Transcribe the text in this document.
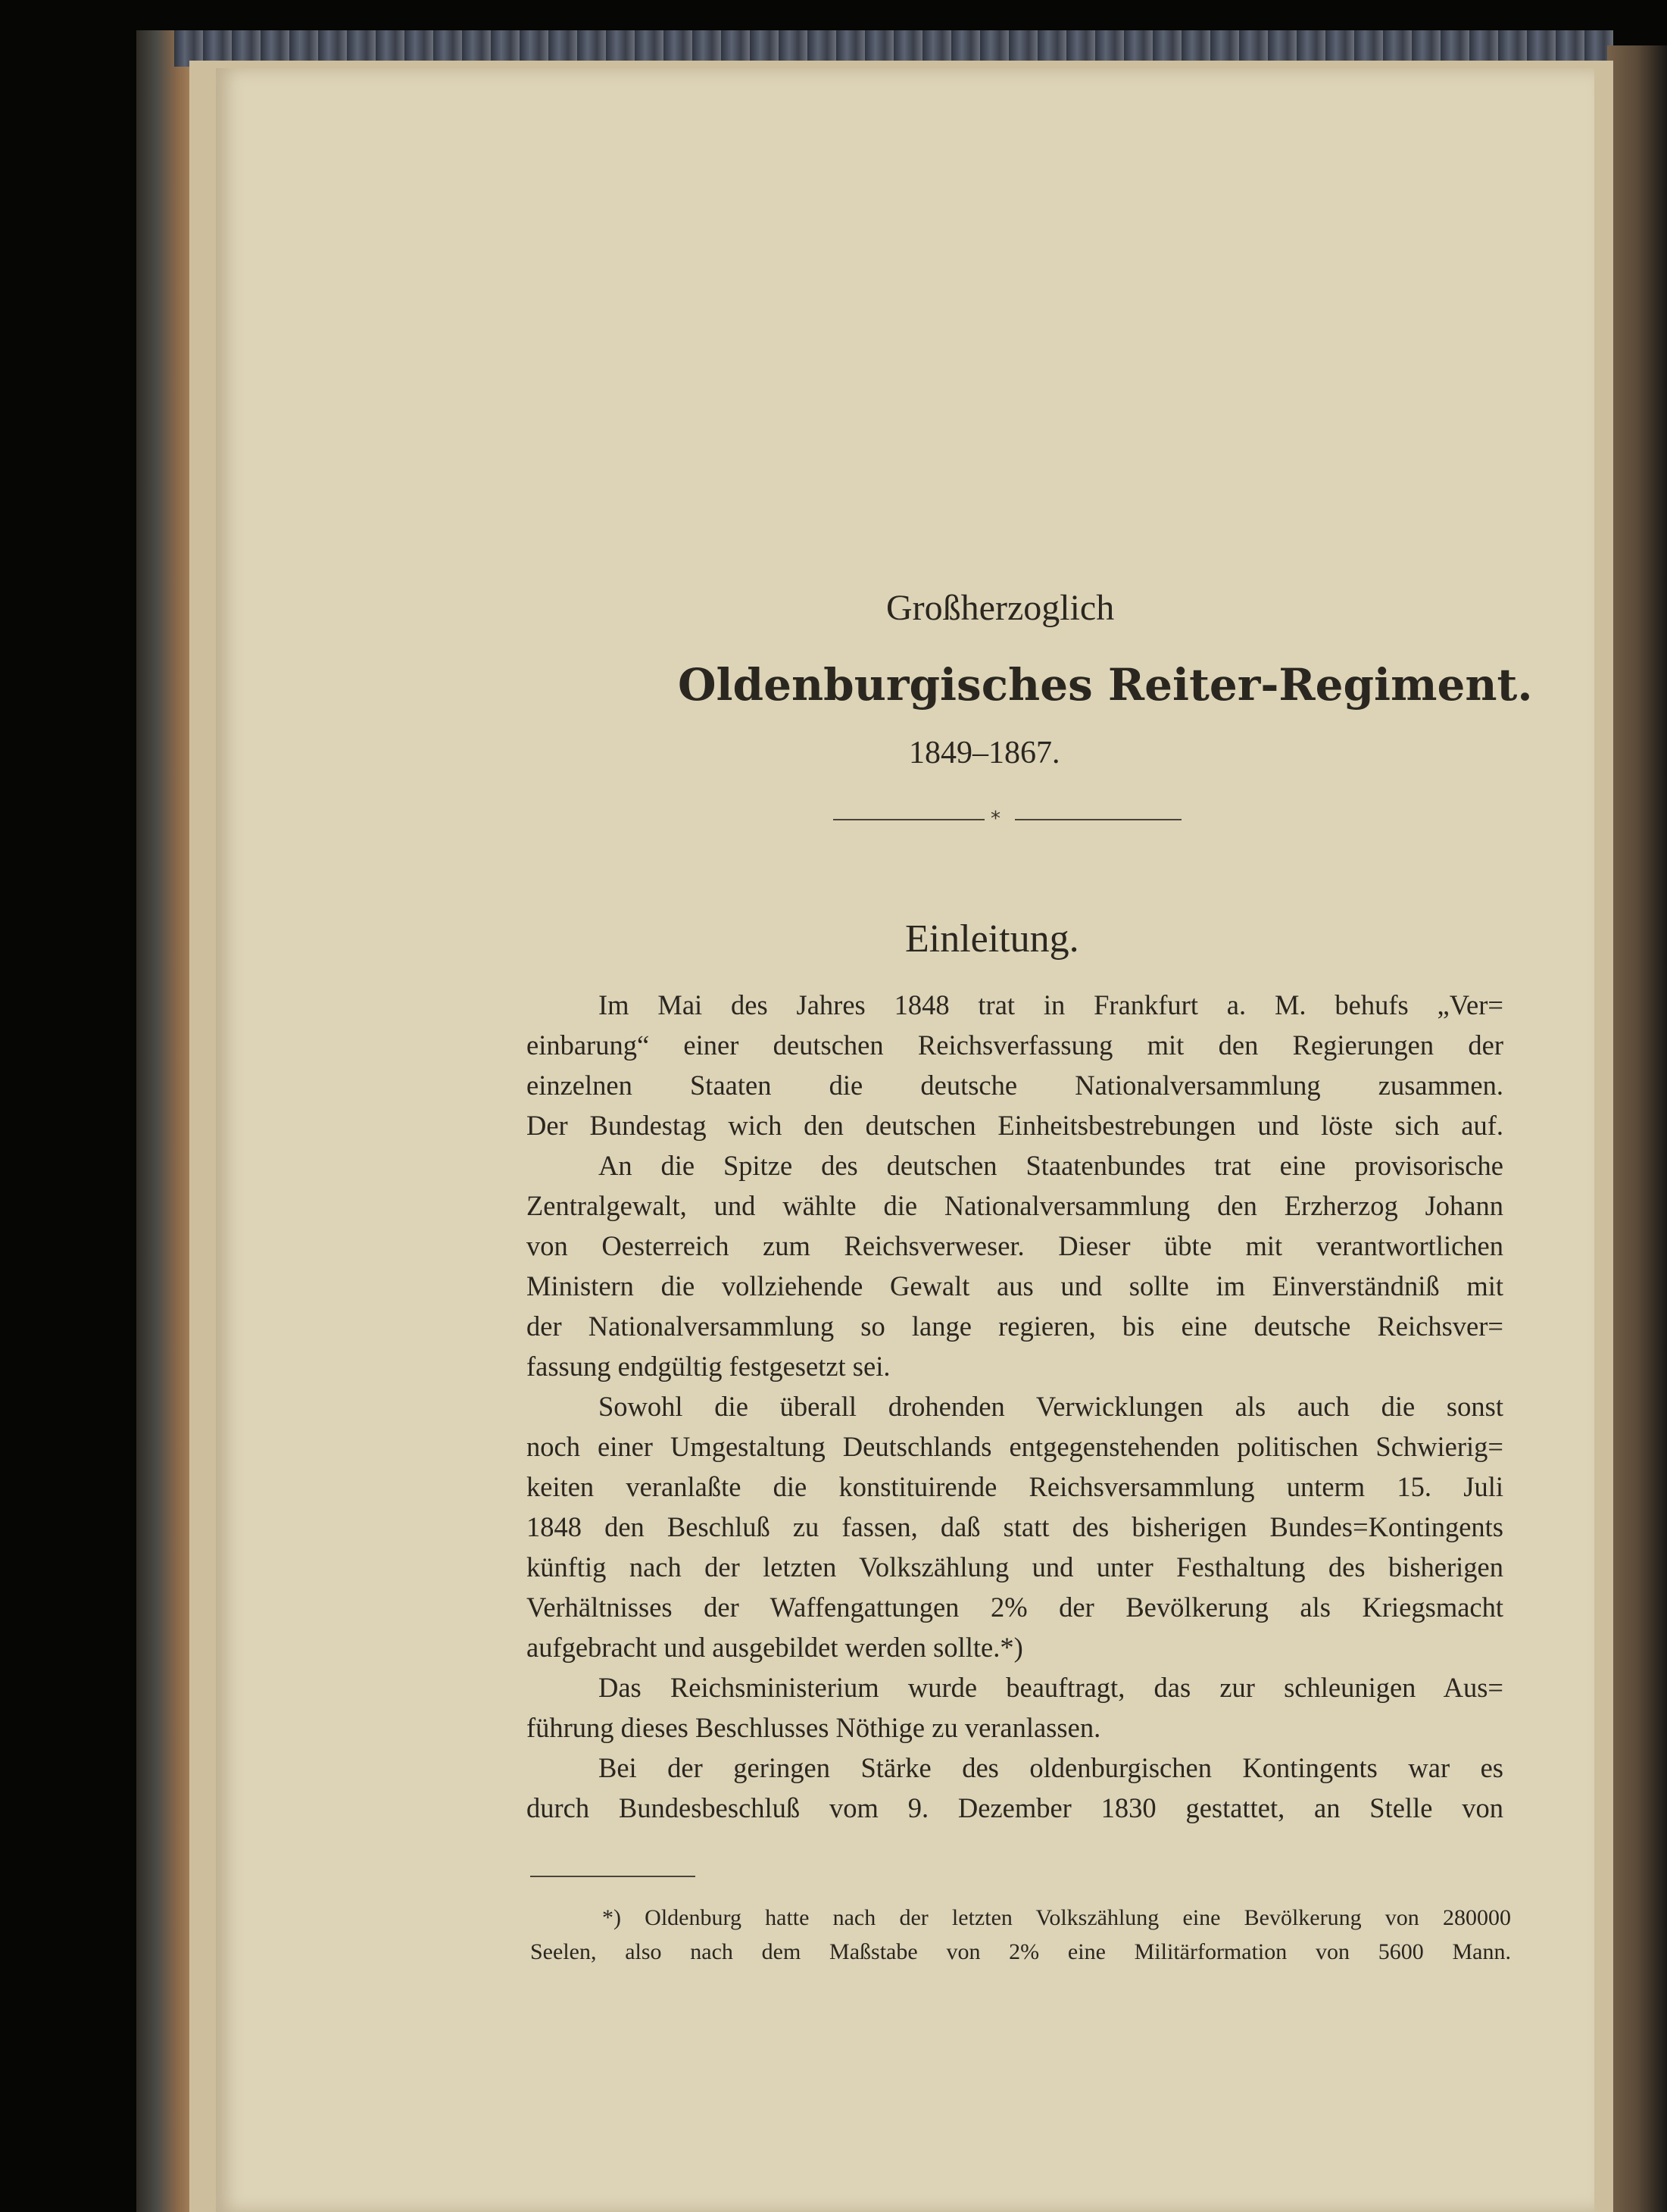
Großherzoglich
Oldenburgisches Reiter-Regiment.
1849–1867.
*
Einleitung.
Im Mai des Jahres 1848 trat in Frankfurt a. M. behufs „Ver=
einbarung“ einer deutschen Reichsverfassung mit den Regierungen der
einzelnen Staaten die deutsche Nationalversammlung zusammen.
Der Bundestag wich den deutschen Einheitsbestrebungen und löste sich auf.
An die Spitze des deutschen Staatenbundes trat eine provisorische
Zentralgewalt, und wählte die Nationalversammlung den Erzherzog Johann
von Oesterreich zum Reichsverweser. Dieser übte mit verantwortlichen
Ministern die vollziehende Gewalt aus und sollte im Einverständniß mit
der Nationalversammlung so lange regieren, bis eine deutsche Reichsver=
fassung endgültig festgesetzt sei.
Sowohl die überall drohenden Verwicklungen als auch die sonst
noch einer Umgestaltung Deutschlands entgegenstehenden politischen Schwierig=
keiten veranlaßte die konstituirende Reichsversammlung unterm 15. Juli
1848 den Beschluß zu fassen, daß statt des bisherigen Bundes=Kontingents
künftig nach der letzten Volkszählung und unter Festhaltung des bisherigen
Verhältnisses der Waffengattungen 2% der Bevölkerung als Kriegsmacht
aufgebracht und ausgebildet werden sollte.*)
Das Reichsministerium wurde beauftragt, das zur schleunigen Aus=
führung dieses Beschlusses Nöthige zu veranlassen.
Bei der geringen Stärke des oldenburgischen Kontingents war es
durch Bundesbeschluß vom 9. Dezember 1830 gestattet, an Stelle von
*) Oldenburg hatte nach der letzten Volkszählung eine Bevölkerung von 280000
Seelen, also nach dem Maßstabe von 2% eine Militärformation von 5600 Mann.
